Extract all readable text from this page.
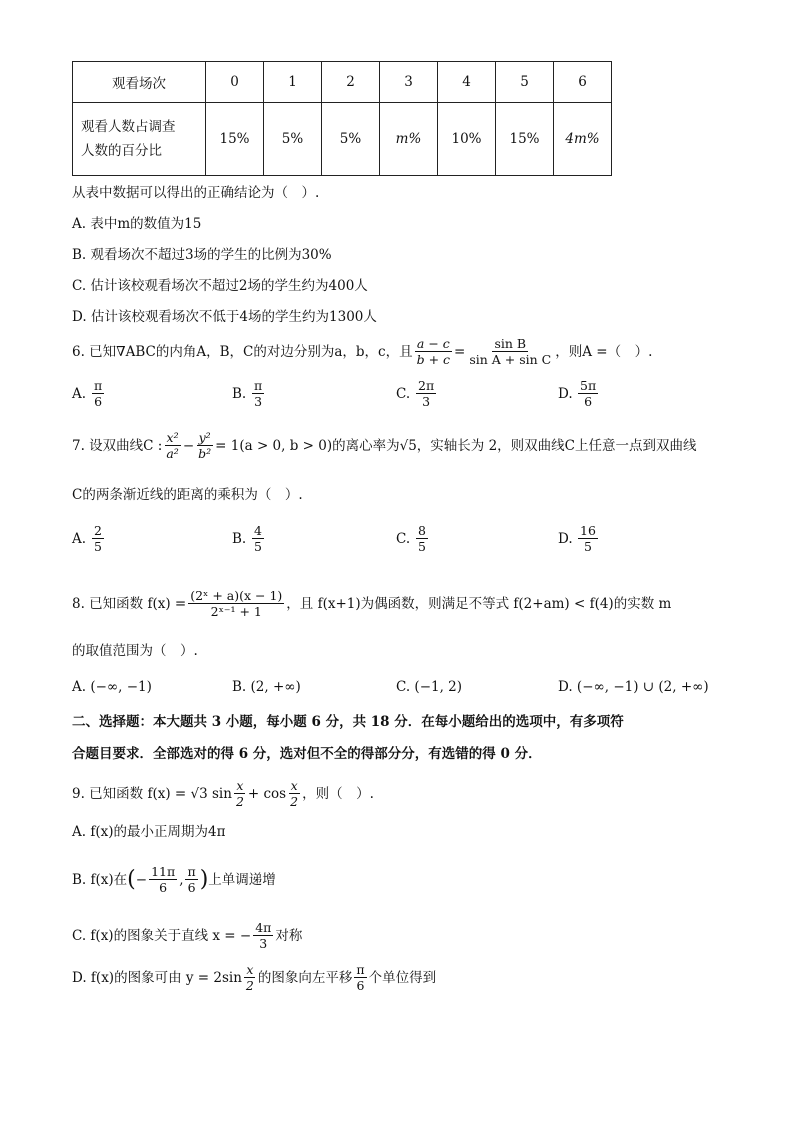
观看场次	0	1	2	3	4	5	6

观看人数占调查
人数的百分比	15%	5%	5%	m%	10%	15%	4m%
从表中数据可以得出的正确结论为（　）.
A. 表中m的数值为15
B. 观看场次不超过3场的学生的比例为30%
C. 估计该校观看场次不超过2场的学生约为400人
D. 估计该校观看场次不低于4场的学生约为1300人
6. 已知∇ABC的内角A，B，C的对边分别为a，b，c，且 $\frac{a - c}{b + c} = \frac{\text{sin B}}{\text{sin A + sin C}}$ ，则A =（　）.
A. $\frac{\pi}{6}$	B. $\frac{\pi}{3}$	C. $\frac{2\pi}{3}$	D. $\frac{5\pi}{6}$
7. 设双曲线C : $\frac{\text{x²}}{\text{a²}} - \frac{\text{y²}}{\text{b²}} = 1(a > 0$, b > 0)的离心率为√5，实轴长为 2，则双曲线C上任意一点到双曲线
C的两条渐近线的距离的乘积为（　）.
A. $\frac{2}{5}$	B. $\frac{4}{5}$	C. $\frac{8}{5}$	D. $\frac{16}{5}$
8. 已知函数 $f(x) = \frac{\text{(2ˣ + a)(x − 1)}}{\text{2ˣ⁻¹ + 1}}$ ，且 f(x+1)为偶函数，则满足不等式 f(2+am) < f(4)的实数 m
的取值范围为（　）.
A. (−∞, −1)	B. (2, +∞)	C. (−1, 2)	D. (−∞, −1) ∪ (2, +∞)
二、选择题：本大题共 3 小题，每小题 6 分，共 18 分．在每小题给出的选项中，有多项符
合题目要求．全部选对的得 6 分，选对但不全的得部分分，有选错的得 0 分．
9. 已知函数 f(x) = √3 $\sin \frac{x}{2} + \cos \frac{x}{2}$ ，则（　）.
A. f(x)的最小正周期为4π
B. f(x)在 ( − $\frac{11\pi}{6}$ , $\frac{\pi}{6}$ ) 上单调递增
C. f(x)的图象关于直线 x = − $\frac{4\pi}{3}$ 对称
D. f(x)的图象可由 $y = 2\sin \frac{x}{2}$ 的图象向左平移 $\frac{\pi}{6}$ 个单位得到
